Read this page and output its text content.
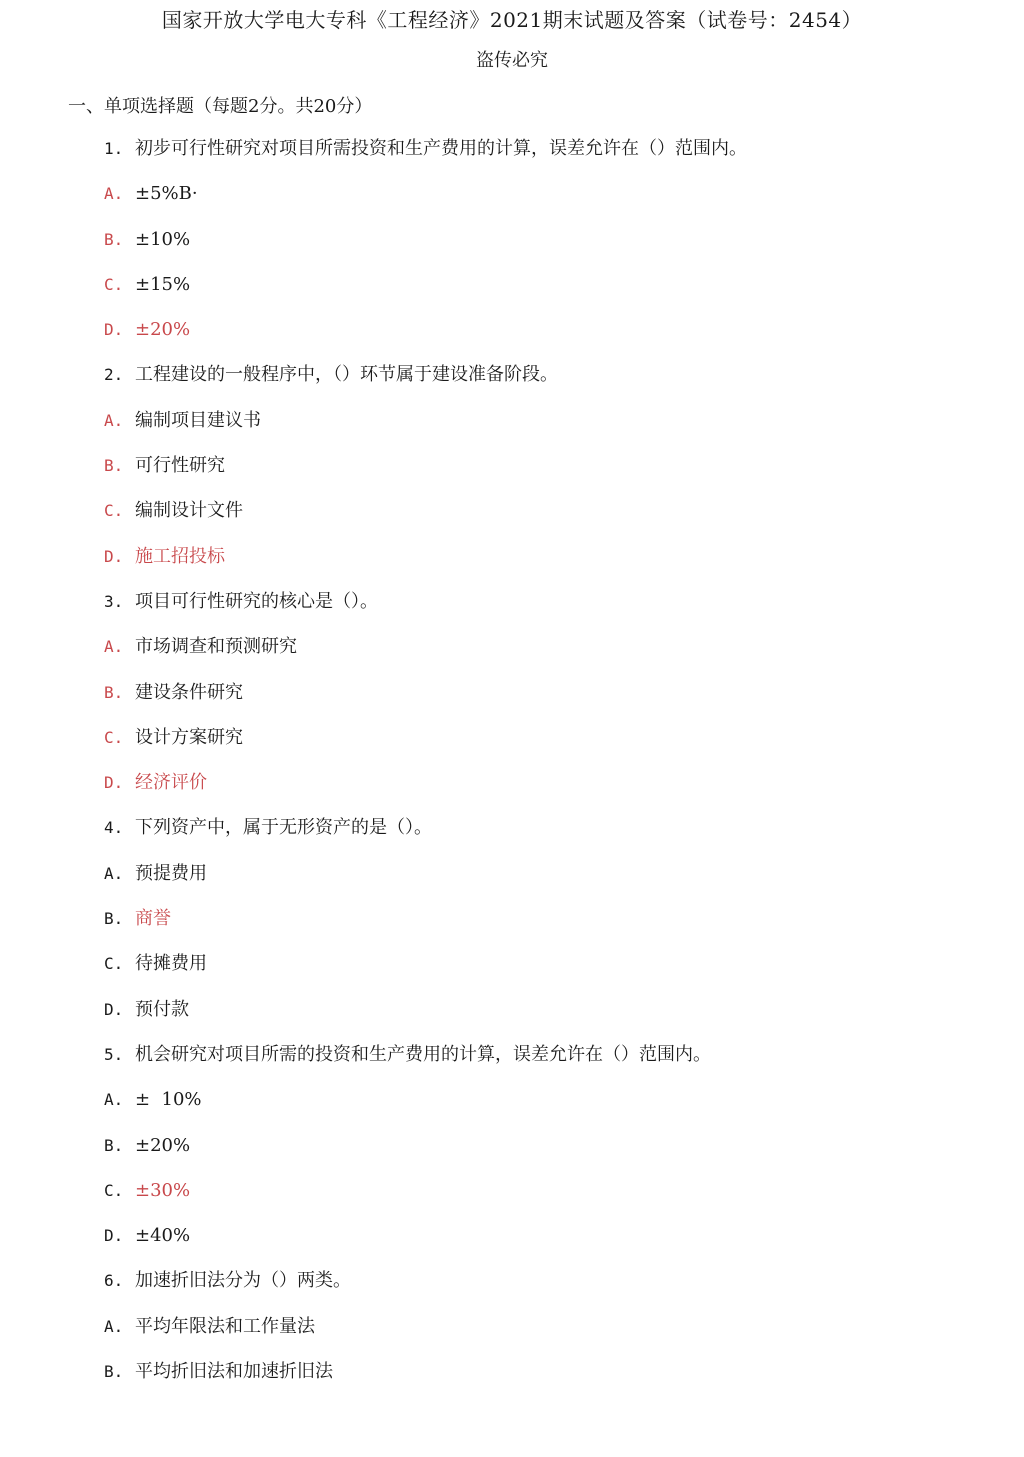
国家开放大学电大专科《工程经济》2021期末试题及答案（试卷号：2454）
盗传必究
一、单项选择题（每题2分。共20分）
1. 初步可行性研究对项目所需投资和生产费用的计算，误差允许在（）范围内。
A. ±5%B·
B. ±10%
C. ±15%
D. ±20%
2. 工程建设的一般程序中，（）环节属于建设准备阶段。
A. 编制项目建议书
B. 可行性研究
C. 编制设计文件
D. 施工招投标
3. 项目可行性研究的核心是（）。
A. 市场调查和预测研究
B. 建设条件研究
C. 设计方案研究
D. 经济评价
4. 下列资产中，属于无形资产的是（）。
A. 预提费用
B. 商誉
C. 待摊费用
D. 预付款
5. 机会研究对项目所需的投资和生产费用的计算，误差允许在（）范围内。
A. ±  10%
B. ±20%
C. ±30%
D. ±40%
6. 加速折旧法分为（）两类。
A. 平均年限法和工作量法
B. 平均折旧法和加速折旧法
